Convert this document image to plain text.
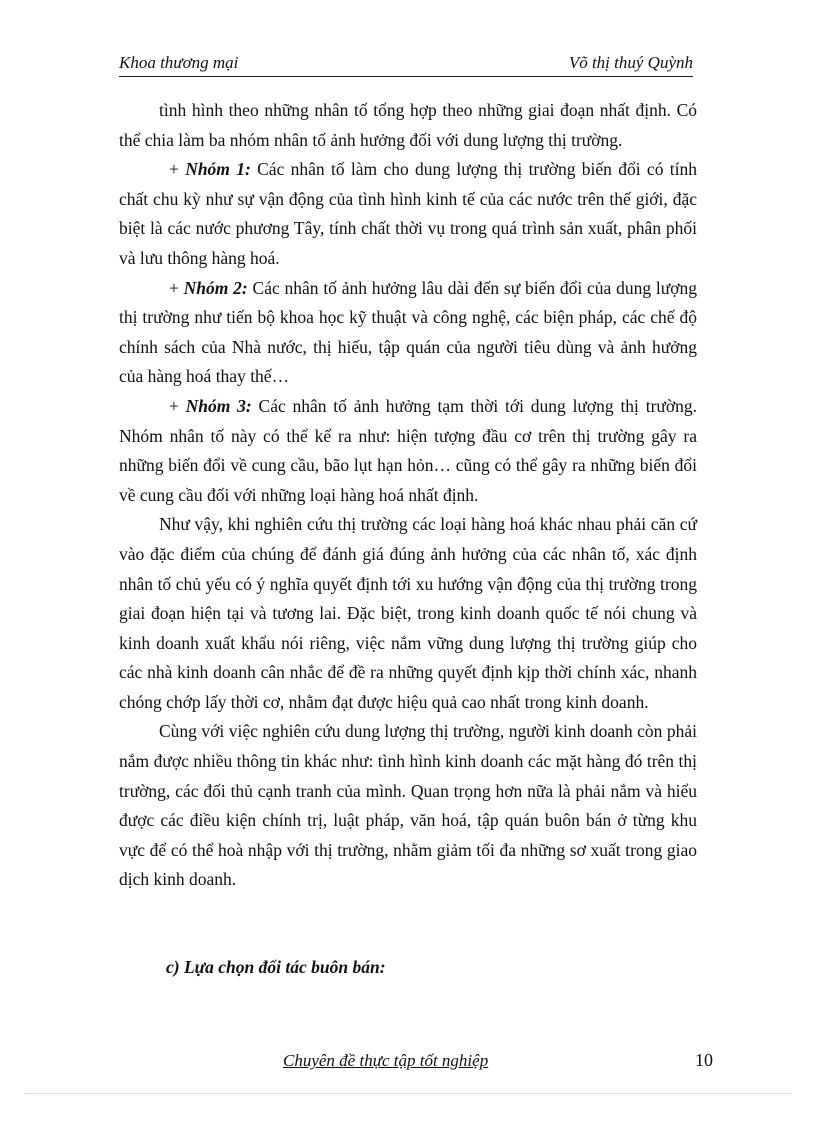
Khoa thương mại	Võ thị thuý Quỳnh

tình hình theo những nhân tố tổng hợp theo những giai đoạn nhất định. Có thể chia làm ba nhóm nhân tố ảnh hưởng đối với dung lượng thị trường.

+ Nhóm 1: Các nhân tố làm cho dung lượng thị trường biến đổi có tính chất chu kỳ như sự vận động của tình hình kinh tế của các nước trên thế giới, đặc biệt là các nước phương Tây, tính chất thời vụ trong quá trình sản xuất, phân phối và lưu thông hàng hoá.

+ Nhóm 2: Các nhân tố ảnh hưởng lâu dài đến sự biến đổi của dung lượng thị trường như tiến bộ khoa học kỹ thuật và công nghệ, các biện pháp, các chế độ chính sách của Nhà nước, thị hiếu, tập quán của người tiêu dùng và ảnh hưởng của hàng hoá thay thế…

+ Nhóm 3: Các nhân tố ảnh hưởng tạm thời tới dung lượng thị trường. Nhóm nhân tố này có thể kể ra như: hiện tượng đầu cơ trên thị trường gây ra những biến đổi về cung cầu, bão lụt hạn hỏn… cũng có thể gây ra những biến đổi về cung cầu đối với những loại hàng hoá nhất định.

Như vậy, khi nghiên cứu thị trường các loại hàng hoá khác nhau phải căn cứ vào đặc điểm của chúng để đánh giá đúng ảnh hưởng của các nhân tố, xác định nhân tố chủ yếu có ý nghĩa quyết định tới xu hướng vận động của thị trường trong giai đoạn hiện tại và tương lai. Đặc biệt, trong kinh doanh quốc tế nói chung và kinh doanh xuất khẩu nói riêng, việc nắm vững dung lượng thị trường giúp cho các nhà kinh doanh cân nhắc để đề ra những quyết định kịp thời chính xác, nhanh chóng chớp lấy thời cơ, nhằm đạt được hiệu quả cao nhất trong kinh doanh.

Cùng với việc nghiên cứu dung lượng thị trường, người kinh doanh còn phải nắm được nhiều thông tin khác như: tình hình kinh doanh các mặt hàng đó trên thị trường, các đối thủ cạnh tranh của mình. Quan trọng hơn nữa là phải nắm và hiểu được các điều kiện chính trị, luật pháp, văn hoá, tập quán buôn bán ở từng khu vực để có thể hoà nhập với thị trường, nhằm giảm tối đa những sơ xuất trong giao dịch kinh doanh.

c) Lựa chọn đối tác buôn bán:
Chuyên đề thực tập tốt nghiệp	10
